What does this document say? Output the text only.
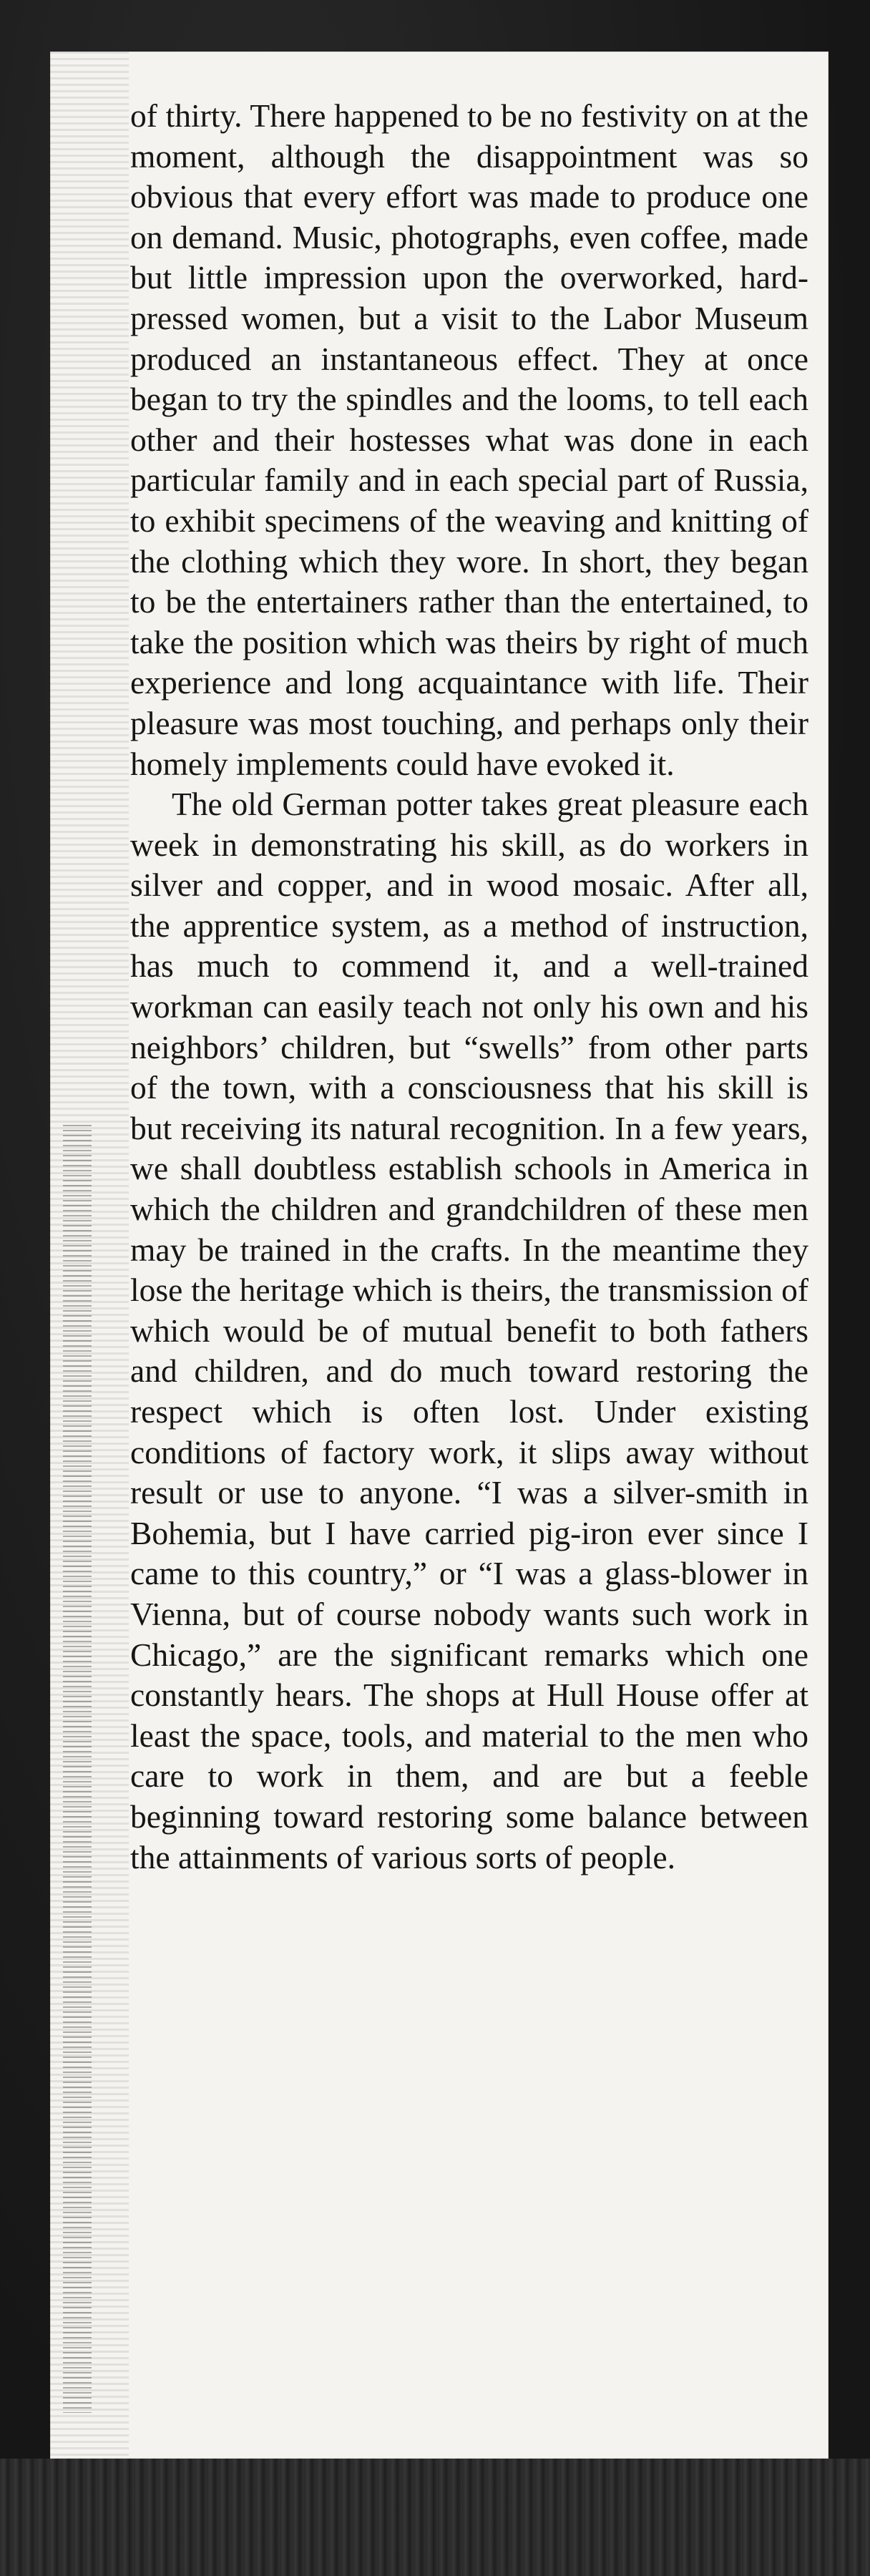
of thirty. There happened to be no festivity on at the moment, although the disappointment was so obvious that every effort was made to produce one on demand. Music, photographs, even coffee, made but little impression upon the overworked, hard-pressed women, but a visit to the Labor Museum produced an instantaneous effect. They at once began to try the spindles and the looms, to tell each other and their hostesses what was done in each particular family and in each special part of Russia, to exhibit specimens of the weaving and knitting of the clothing which they wore. In short, they began to be the entertainers rather than the entertained, to take the position which was theirs by right of much experience and long acquaintance with life. Their pleasure was most touching, and perhaps only their homely implements could have evoked it.

The old German potter takes great pleasure each week in demonstrating his skill, as do workers in silver and copper, and in wood mosaic. After all, the apprentice system, as a method of instruction, has much to commend it, and a well-trained workman can easily teach not only his own and his neighbors’ children, but “swells” from other parts of the town, with a consciousness that his skill is but receiving its natural recognition. In a few years, we shall doubtless establish schools in America in which the children and grandchildren of these men may be trained in the crafts. In the meantime they lose the heritage which is theirs, the transmission of which would be of mutual benefit to both fathers and children, and do much toward restoring the respect which is often lost. Under existing conditions of factory work, it slips away without result or use to anyone. “I was a silver-smith in Bohemia, but I have carried pig-iron ever since I came to this country,” or “I was a glass-blower in Vienna, but of course nobody wants such work in Chicago,” are the significant remarks which one constantly hears. The shops at Hull House offer at least the space, tools, and material to the men who care to work in them, and are but a feeble beginning toward restoring some balance between the attainments of various sorts of people.
